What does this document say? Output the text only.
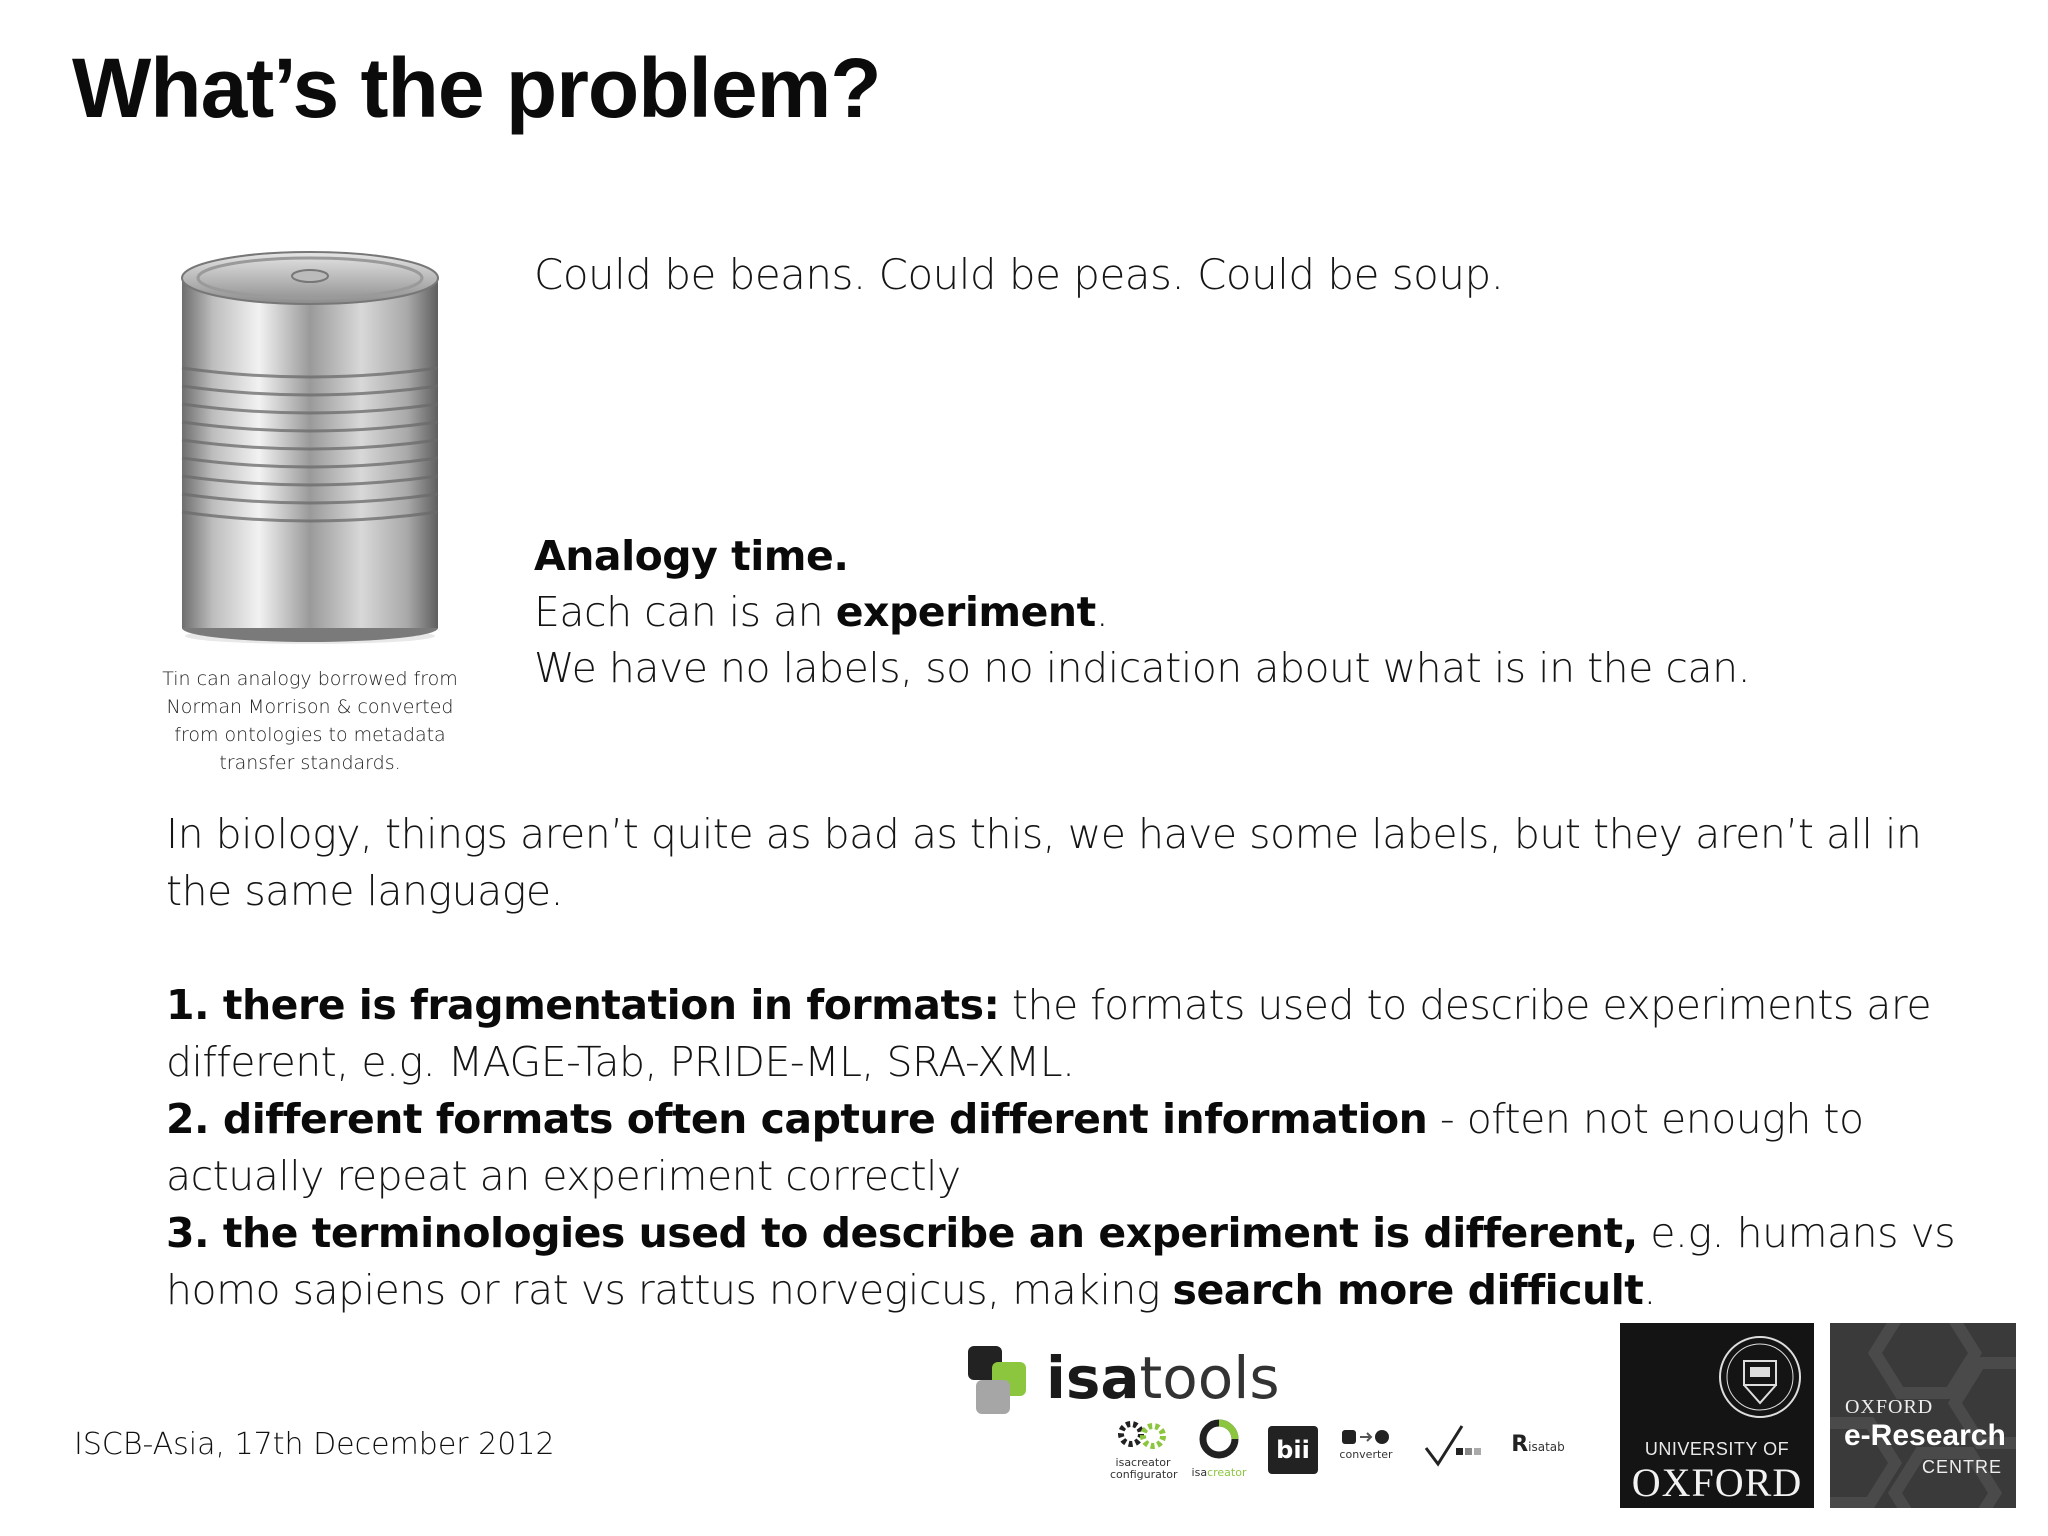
What’s the problem?
Tin can analogy borrowed from Norman Morrison & converted from ontologies to metadata transfer standards.
Could be beans. Could be peas. Could be soup.
Analogy time.
Each can is an experiment.
We have no labels, so no indication about what is in the can.

In biology, things aren’t quite as bad as this, we have some labels, but they aren’t all in the same language.

1. there is fragmentation in formats: the formats used to describe experiments are different, e.g. MAGE-Tab, PRIDE-ML, SRA-XML.

2. different formats often capture different information - often not enough to actually repeat an experiment correctly

3. the terminologies used to describe an experiment is different, e.g. humans vs homo sapiens or rat vs rattus norvegicus, making search more difficult.

ISCB-Asia, 17th December 2012
isatools
isacreator
configurator	isacreator
bii	converter	Risatab	UNIVERSITY OF
OXFORD
OXFORD
e-Research
CENTRE
